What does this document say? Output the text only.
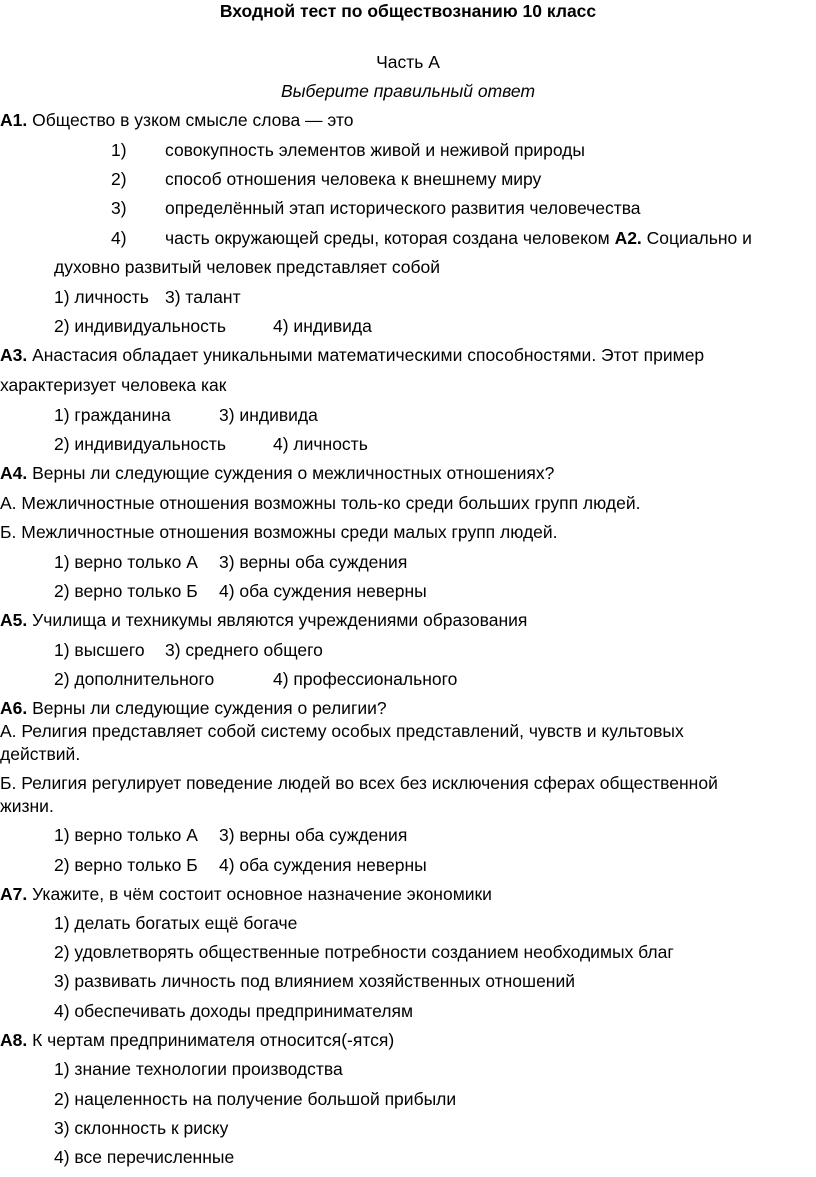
Входной тест по обществознанию 10 класс
Часть А
Выберите правильный ответ
А1. Общество в узком смысле слова — это
1) совокупность элементов живой и неживой природы
2) способ отношения человека к внешнему миру
3) определённый этап исторического развития человечества
4) часть окружающей среды, которая создана человеком А2. Социально и
духовно развитый человек представляет собой
1) личность 3) талант
2) индивидуальность	4) индивида
А3. Анастасия обладает уникальными математическими способностями. Этот пример
характеризует человека как
1) гражданина	3) индивида
2) индивидуальность	4) личность
А4. Верны ли следующие суждения о межличностных отношениях?
А. Межличностные отношения возможны толь-ко среди больших групп людей.
Б. Межличностные отношения возможны среди малых групп людей.
1) верно только А 3) верны оба суждения
2) верно только Б 4) оба суждения неверны
А5. Училища и техникумы являются учреждениями образования
1) высшего 3) среднего общего
2) дополнительного	4) профессионального
А6. Верны ли следующие суждения о религии?
А. Религия представляет собой систему особых представлений, чувств и культовых
действий.
Б. Религия регулирует поведение людей во всех без исключения сферах общественной
жизни.
1) верно только А 3) верны оба суждения
2) верно только Б 4) оба суждения неверны
А7. Укажите, в чём состоит основное назначение экономики
1) делать богатых ещё богаче
2) удовлетворять общественные потребности созданием необходимых благ
3) развивать личность под влиянием хозяйственных отношений
4) обеспечивать доходы предпринимателям
А8. К чертам предпринимателя относится(-ятся)
1) знание технологии производства
2) нацеленность на получение большой прибыли
3) склонность к риску
4) все перечисленные
